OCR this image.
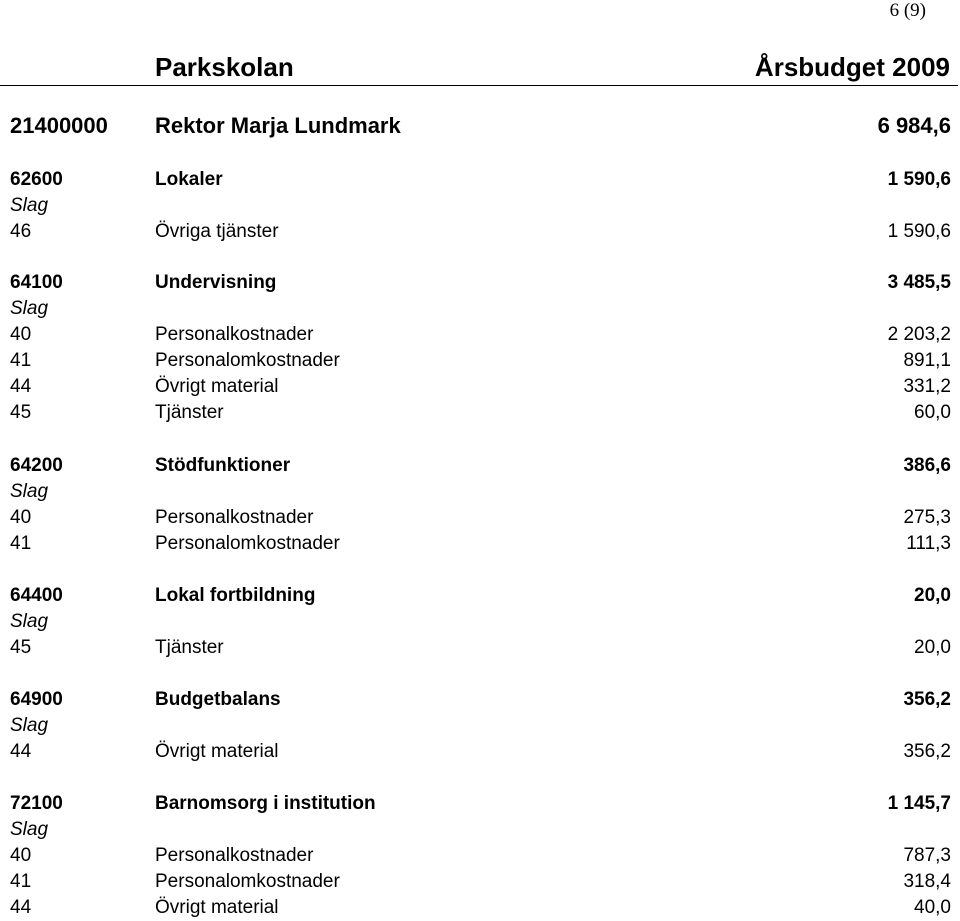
6 (9)
Parkskolan	Årsbudget 2009
21400000 Rektor Marja Lundmark	6 984,6
62600	Lokaler	1 590,6
Slag
46	Övriga tjänster	1 590,6
64100	Undervisning	3 485,5
Slag
40	Personalkostnader	2 203,2
41	Personalomkostnader	891,1
44	Övrigt material	331,2
45	Tjänster	60,0
64200	Stödfunktioner	386,6
Slag
40	Personalkostnader	275,3
41	Personalomkostnader	111,3
64400	Lokal fortbildning	20,0
Slag
45	Tjänster	20,0
64900	Budgetbalans	356,2
Slag
44	Övrigt material	356,2
72100	Barnomsorg i institution	1 145,7
Slag
40	Personalkostnader	787,3
41	Personalomkostnader	318,4
44	Övrigt material	40,0
